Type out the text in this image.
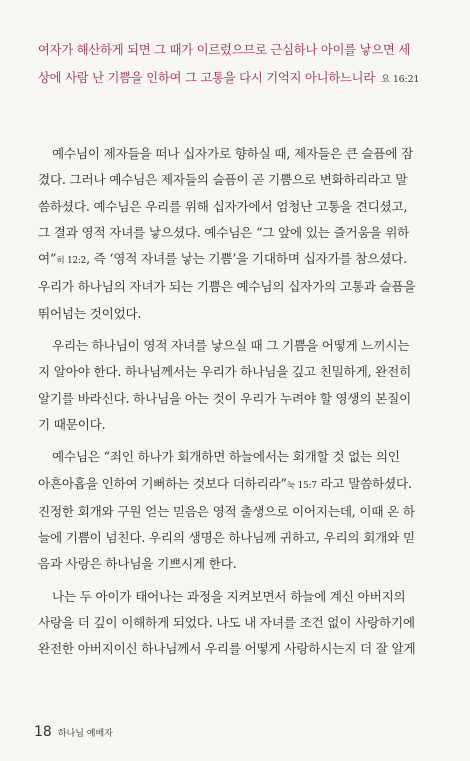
여자가 해산하게 되면 그 때가 이르렀으므로 근심하나 아이를 낳으면 세
상에 사람 난 기쁨을 인하여 그 고통을 다시 기억지 아니하느니라 요 16:21

예수님이 제자들을 떠나 십자가로 향하실 때, 제자들은 큰 슬픔에 잠
겼다. 그러나 예수님은 제자들의 슬픔이 곧 기쁨으로 변화하리라고 말
씀하셨다. 예수님은 우리를 위해 십자가에서 엄청난 고통을 견디셨고,
그 결과 영적 자녀를 낳으셨다. 예수님은 “그 앞에 있는 즐거움을 위하
여”히 12:2, 즉 ‘영적 자녀를 낳는 기쁨’을 기대하며 십자가를 참으셨다.
우리가 하나님의 자녀가 되는 기쁨은 예수님의 십자가의 고통과 슬픔을
뛰어넘는 것이었다.

우리는 하나님이 영적 자녀를 낳으실 때 그 기쁨을 어떻게 느끼시는
지 알아야 한다. 하나님께서는 우리가 하나님을 깊고 친밀하게, 완전히
알기를 바라신다. 하나님을 아는 것이 우리가 누려야 할 영생의 본질이
기 때문이다.

예수님은 “죄인 하나가 회개하면 하늘에서는 회개할 것 없는 의인
아흔아홉을 인하여 기뻐하는 것보다 더하리라”눅 15:7 라고 말씀하셨다.
진정한 회개와 구원 얻는 믿음은 영적 출생으로 이어지는데, 이때 온 하
늘에 기쁨이 넘친다. 우리의 생명은 하나님께 귀하고, 우리의 회개와 믿
음과 사랑은 하나님을 기쁘시게 한다.

나는 두 아이가 태어나는 과정을 지켜보면서 하늘에 계신 아버지의
사랑을 더 깊이 이해하게 되었다. 나도 내 자녀를 조건 없이 사랑하기에
완전한 아버지이신 하나님께서 우리를 어떻게 사랑하시는지 더 잘 알게

18 하나님 예배자
